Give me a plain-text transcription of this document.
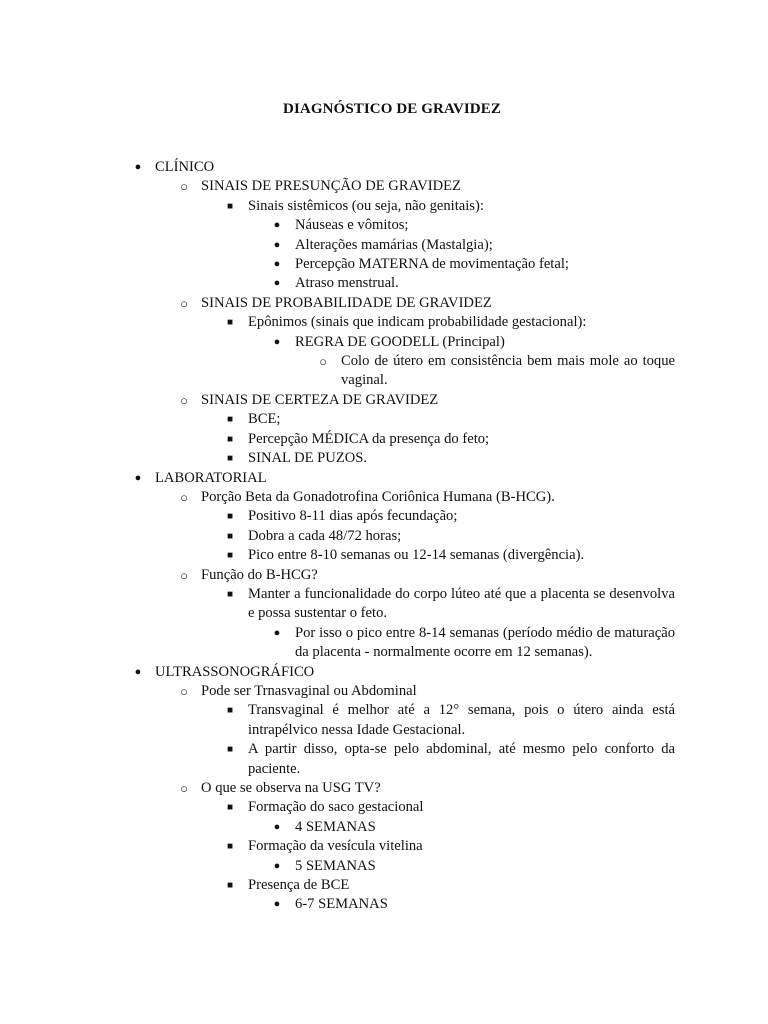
DIAGNÓSTICO DE GRAVIDEZ
● CLÍNICO
○ SINAIS DE PRESUNÇÃO DE GRAVIDEZ
■ Sinais sistêmicos (ou seja, não genitais):
● Náuseas e vômitos;
● Alterações mamárias (Mastalgia);
● Percepção MATERNA de movimentação fetal;
● Atraso menstrual.
○ SINAIS DE PROBABILIDADE DE GRAVIDEZ
■ Epônimos (sinais que indicam probabilidade gestacional):
● REGRA DE GOODELL (Principal)
○ Colo de útero em consistência bem mais mole ao toque vaginal.
○ SINAIS DE CERTEZA DE GRAVIDEZ
■ BCE;
■ Percepção MÉDICA da presença do feto;
■ SINAL DE PUZOS.
● LABORATORIAL
○ Porção Beta da Gonadotrofina Coriônica Humana (B-HCG).
■ Positivo 8-11 dias após fecundação;
■ Dobra a cada 48/72 horas;
■ Pico entre 8-10 semanas ou 12-14 semanas (divergência).
○ Função do B-HCG?
■ Manter a funcionalidade do corpo lúteo até que a placenta se desenvolva e possa sustentar o feto.
● Por isso o pico entre 8-14 semanas (período médio de maturação da placenta - normalmente ocorre em 12 semanas).
● ULTRASSONOGRÁFICO
○ Pode ser Trnasvaginal ou Abdominal
■ Transvaginal é melhor até a 12° semana, pois o útero ainda está intrapélvico nessa Idade Gestacional.
■ A partir disso, opta-se pelo abdominal, até mesmo pelo conforto da paciente.
○ O que se observa na USG TV?
■ Formação do saco gestacional
● 4 SEMANAS
■ Formação da vesícula vitelina
● 5 SEMANAS
■ Presença de BCE
● 6-7 SEMANAS
